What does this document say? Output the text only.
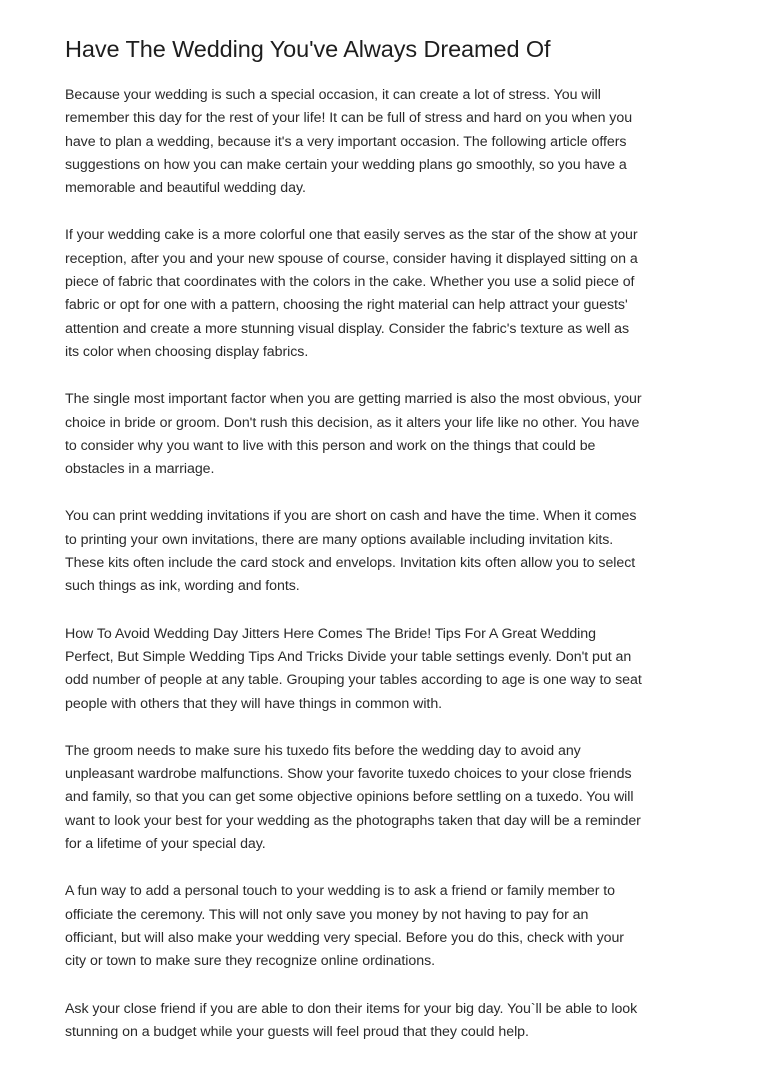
Have The Wedding You've Always Dreamed Of

Because your wedding is such a special occasion, it can create a lot of stress. You will
remember this day for the rest of your life! It can be full of stress and hard on you when you
have to plan a wedding, because it's a very important occasion. The following article offers
suggestions on how you can make certain your wedding plans go smoothly, so you have a
memorable and beautiful wedding day.

If your wedding cake is a more colorful one that easily serves as the star of the show at your
reception, after you and your new spouse of course, consider having it displayed sitting on a
piece of fabric that coordinates with the colors in the cake. Whether you use a solid piece of
fabric or opt for one with a pattern, choosing the right material can help attract your guests'
attention and create a more stunning visual display. Consider the fabric's texture as well as
its color when choosing display fabrics.

The single most important factor when you are getting married is also the most obvious, your
choice in bride or groom. Don't rush this decision, as it alters your life like no other. You have
to consider why you want to live with this person and work on the things that could be
obstacles in a marriage.

You can print wedding invitations if you are short on cash and have the time. When it comes
to printing your own invitations, there are many options available including invitation kits.
These kits often include the card stock and envelops. Invitation kits often allow you to select
such things as ink, wording and fonts.

How To Avoid Wedding Day Jitters Here Comes The Bride! Tips For A Great Wedding
Perfect, But Simple Wedding Tips And Tricks Divide your table settings evenly. Don't put an
odd number of people at any table. Grouping your tables according to age is one way to seat
people with others that they will have things in common with.

The groom needs to make sure his tuxedo fits before the wedding day to avoid any
unpleasant wardrobe malfunctions. Show your favorite tuxedo choices to your close friends
and family, so that you can get some objective opinions before settling on a tuxedo. You will
want to look your best for your wedding as the photographs taken that day will be a reminder
for a lifetime of your special day.

A fun way to add a personal touch to your wedding is to ask a friend or family member to
officiate the ceremony. This will not only save you money by not having to pay for an
officiant, but will also make your wedding very special. Before you do this, check with your
city or town to make sure they recognize online ordinations.

Ask your close friend if you are able to don their items for your big day. You`ll be able to look
stunning on a budget while your guests will feel proud that they could help.
